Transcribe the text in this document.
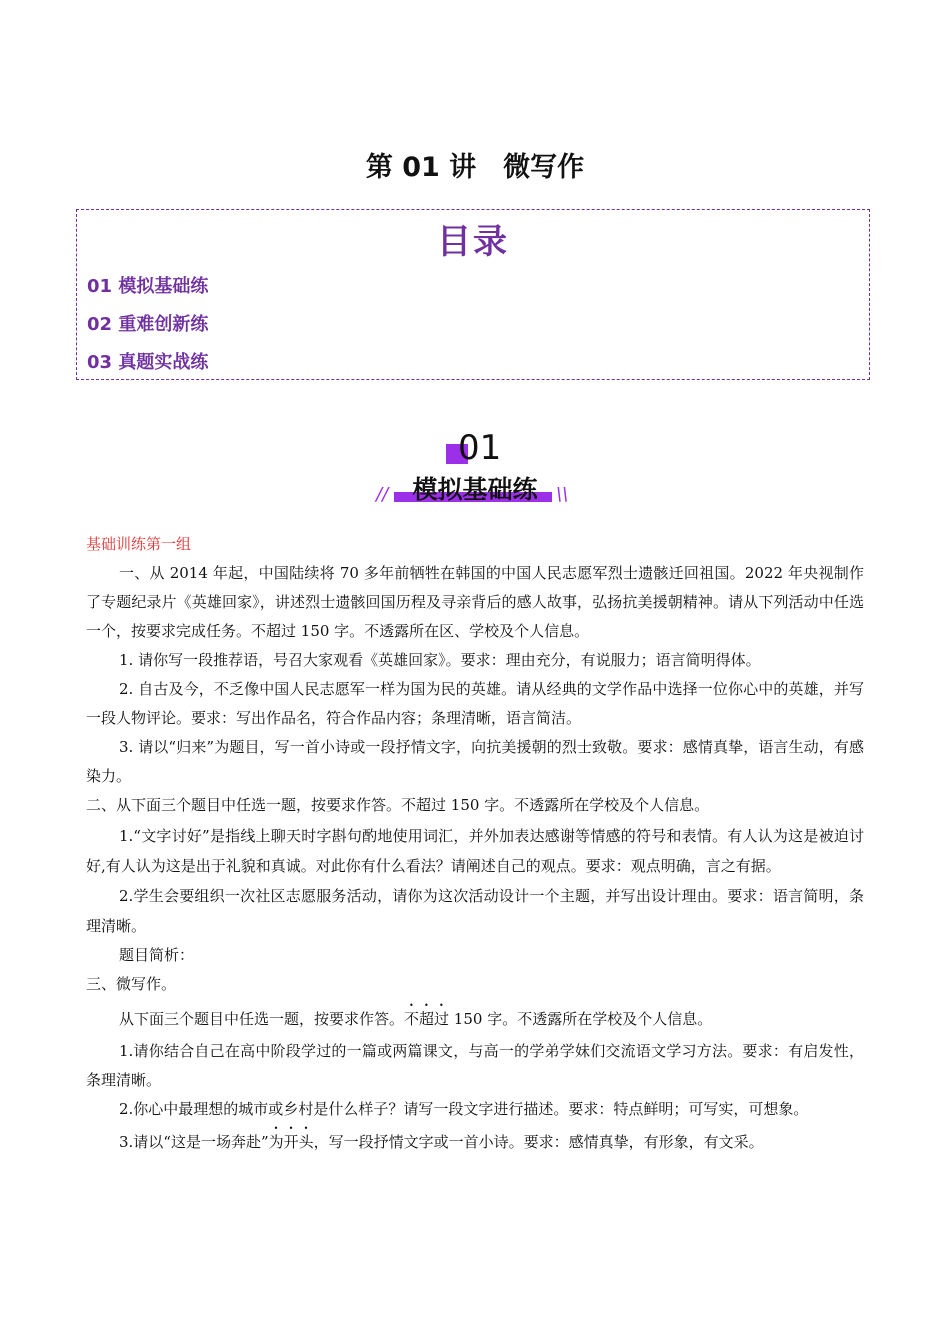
第 01 讲　微写作
目录
01 模拟基础练
02 重难创新练
03 真题实战练
01
//	\\
模拟基础练

基础训练第一组

一、从 2014 年起，中国陆续将 70 多年前牺牲在韩国的中国人民志愿军烈士遗骸迁回祖国。2022 年央视制作了专题纪录片《英雄回家》，讲述烈士遗骸回国历程及寻亲背后的感人故事，弘扬抗美援朝精神。请从下列活动中任选一个，按要求完成任务。不超过 150 字。不透露所在区、学校及个人信息。

1. 请你写一段推荐语，号召大家观看《英雄回家》。要求：理由充分，有说服力；语言简明得体。

2. 自古及今，不乏像中国人民志愿军一样为国为民的英雄。请从经典的文学作品中选择一位你心中的英雄，并写一段人物评论。要求：写出作品名，符合作品内容；条理清晰，语言简洁。

3. 请以“归来”为题目，写一首小诗或一段抒情文字，向抗美援朝的烈士致敬。要求：感情真挚，语言生动，有感染力。

二、从下面三个题目中任选一题，按要求作答。不超过 150 字。不透露所在学校及个人信息。

1.“文字讨好”是指线上聊天时字斟句酌地使用词汇，并外加表达感谢等情感的符号和表情。有人认为这是被迫讨好,有人认为这是出于礼貌和真诚。对此你有什么看法？请阐述自己的观点。要求：观点明确，言之有据。

2.学生会要组织一次社区志愿服务活动，请你为这次活动设计一个主题，并写出设计理由。要求：语言简明，条理清晰。

题目简析：

三、微写作。

从下面三个题目中任选一题，按要求作答。不超过 150 字。不透露所在学校及个人信息。

1.请你结合自己在高中阶段学过的一篇或两篇课文，与高一的学弟学妹们交流语文学习方法。要求：有启发性，条理清晰。

2.你心中最理想的城市或乡村是什么样子？请写一段文字进行描述。要求：特点鲜明；可写实，可想象。

3.请以“这是一场奔赴”为开头，写一段抒情文字或一首小诗。要求：感情真挚，有形象，有文采。
